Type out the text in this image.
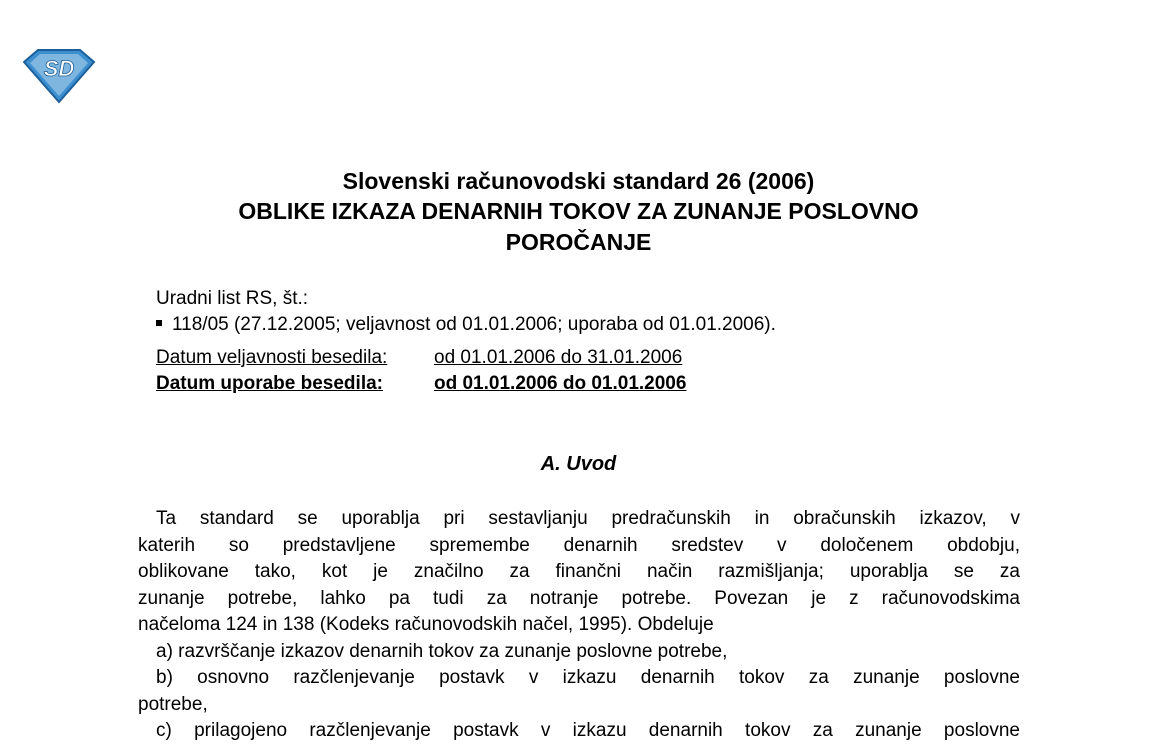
SD
Slovenski računovodski standard 26 (2006)
OBLIKE IZKAZA DENARNIH TOKOV ZA ZUNANJE POSLOVNO
POROČANJE
Uradni list RS, št.:
118/05 (27.12.2005; veljavnost od 01.01.2006; uporaba od 01.01.2006).
Datum veljavnosti besedila: od 01.01.2006 do 31.01.2006
Datum uporabe besedila:	od 01.01.2006 do 01.01.2006
A. Uvod

Ta standard se uporablja pri sestavljanju predračunskih in obračunskih izkazov, v

katerih so predstavljene spremembe denarnih sredstev v določenem obdobju,

oblikovane tako, kot je značilno za finančni način razmišljanja; uporablja se za

zunanje potrebe, lahko pa tudi za notranje potrebe. Povezan je z računovodskima

načeloma 124 in 138 (Kodeks računovodskih načel, 1995). Obdeluje

a) razvrščanje izkazov denarnih tokov za zunanje poslovne potrebe,

b) osnovno razčlenjevanje postavk v izkazu denarnih tokov za zunanje poslovne

potrebe,

c) prilagojeno razčlenjevanje postavk v izkazu denarnih tokov za zunanje poslovne
